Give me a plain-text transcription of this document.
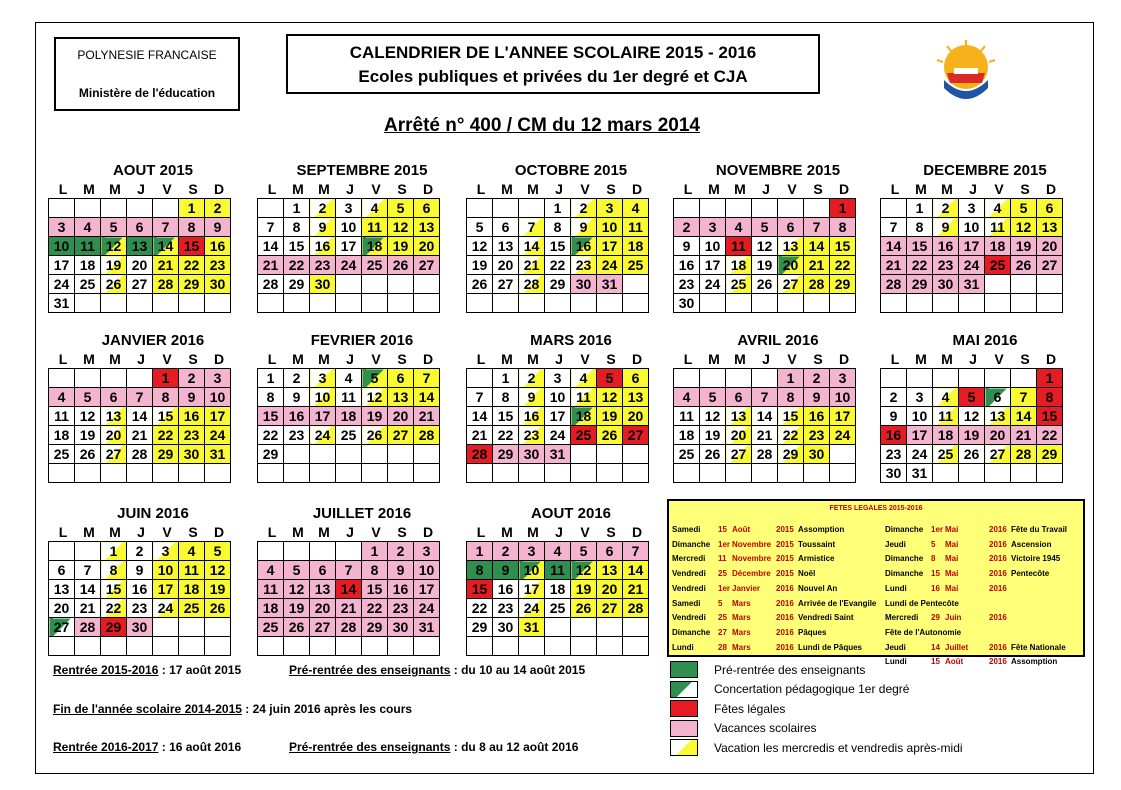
POLYNESIE FRANCAISE
Ministère de l'éducation
CALENDRIER DE L'ANNEE SCOLAIRE 2015 - 2016
Ecoles publiques et privées du 1er degré et CJA
Arrêté n° 400 / CM du 12 mars 2014
AOUT 2015
L	M	M	J	V	S	D
					1	2
3	4	5	6	7	8	9
10	11	12	13	14	15	16
17	18	19	20	21	22	23
24	25	26	27	28	29	30
31						
SEPTEMBRE 2015
L	M	M	J	V	S	D
	1	2	3	4	5	6
7	8	9	10	11	12	13
14	15	16	17	18	19	20
21	22	23	24	25	26	27
28	29	30				

OCTOBRE 2015
L	M	M	J	V	S	D
			1	2	3	4
5	6	7	8	9	10	11
12	13	14	15	16	17	18
19	20	21	22	23	24	25
26	27	28	29	30	31	

NOVEMBRE 2015
L	M	M	J	V	S	D
						1
2	3	4	5	6	7	8
9	10	11	12	13	14	15
16	17	18	19	20	21	22
23	24	25	26	27	28	29
30						
DECEMBRE 2015
L	M	M	J	V	S	D
	1	2	3	4	5	6
7	8	9	10	11	12	13
14	15	16	17	18	19	20
21	22	23	24	25	26	27
28	29	30	31			

JANVIER 2016
L	M	M	J	V	S	D
				1	2	3
4	5	6	7	8	9	10
11	12	13	14	15	16	17
18	19	20	21	22	23	24
25	26	27	28	29	30	31

FEVRIER 2016
L	M	M	J	V	S	D
1	2	3	4	5	6	7
8	9	10	11	12	13	14
15	16	17	18	19	20	21
22	23	24	25	26	27	28
29						

MARS 2016
L	M	M	J	V	S	D
	1	2	3	4	5	6
7	8	9	10	11	12	13
14	15	16	17	18	19	20
21	22	23	24	25	26	27
28	29	30	31			

AVRIL 2016
L	M	M	J	V	S	D
				1	2	3
4	5	6	7	8	9	10
11	12	13	14	15	16	17
18	19	20	21	22	23	24
25	26	27	28	29	30	

MAI 2016
L	M	M	J	V	S	D
						1
2	3	4	5	6	7	8
9	10	11	12	13	14	15
16	17	18	19	20	21	22
23	24	25	26	27	28	29
30	31					
JUIN 2016
L	M	M	J	V	S	D
		1	2	3	4	5
6	7	8	9	10	11	12
13	14	15	16	17	18	19
20	21	22	23	24	25	26
27	28	29	30			

JUILLET 2016
L	M	M	J	V	S	D
				1	2	3
4	5	6	7	8	9	10
11	12	13	14	15	16	17
18	19	20	21	22	23	24
25	26	27	28	29	30	31

AOUT 2016
L	M	M	J	V	S	D
1	2	3	4	5	6	7
8	9	10	11	12	13	14
15	16	17	18	19	20	21
22	23	24	25	26	27	28
29	30	31				

FETES LEGALES 2015-2016
Samedi 15 Août	2015 Assomption
Dimanche 1er Novembre 2015 Toussaint
Mercredi 11 Novembre 2015 Armistice
Vendredi 25 Décembre 2015 Noël
Vendredi 1er Janvier 2016 Nouvel An
Samedi 5 Mars	2016 Arrivée de l'Evangile
Vendredi 25 Mars	2016 Vendredi Saint
Dimanche 27 Mars	2016 Pâques
Lundi	28 Mars	2016 Lundi de Pâques
Dimanche 1er Mai	2016 Fête du Travail
Jeudi	5 Mai	2016 Ascension
Dimanche 8 Mai	2016 Victoire 1945
Dimanche 15 Mai	2016 Pentecôte
Lundi	16 Mai	2016Lundi de Pentecôte
Mercredi 29 Juin	2016Fête de l'Autonomie
Jeudi	14 Juillet	2016 Fête Nationale
Lundi	15 Août	2016 Assomption
Pré-rentrée des enseignants
Concertation pédagogique 1er degré
Fêtes légales
Vacances scolaires
Vacation les mercredis et vendredis après-midi
Rentrée 2015-2016 : 17 août 2015	Pré-rentrée des enseignants : du 10 au 14 août 2015
Fin de l'année scolaire 2014-2015 : 24 juin 2016 après les cours
Rentrée 2016-2017 : 16 août 2016	Pré-rentrée des enseignants : du 8 au 12 août 2016
